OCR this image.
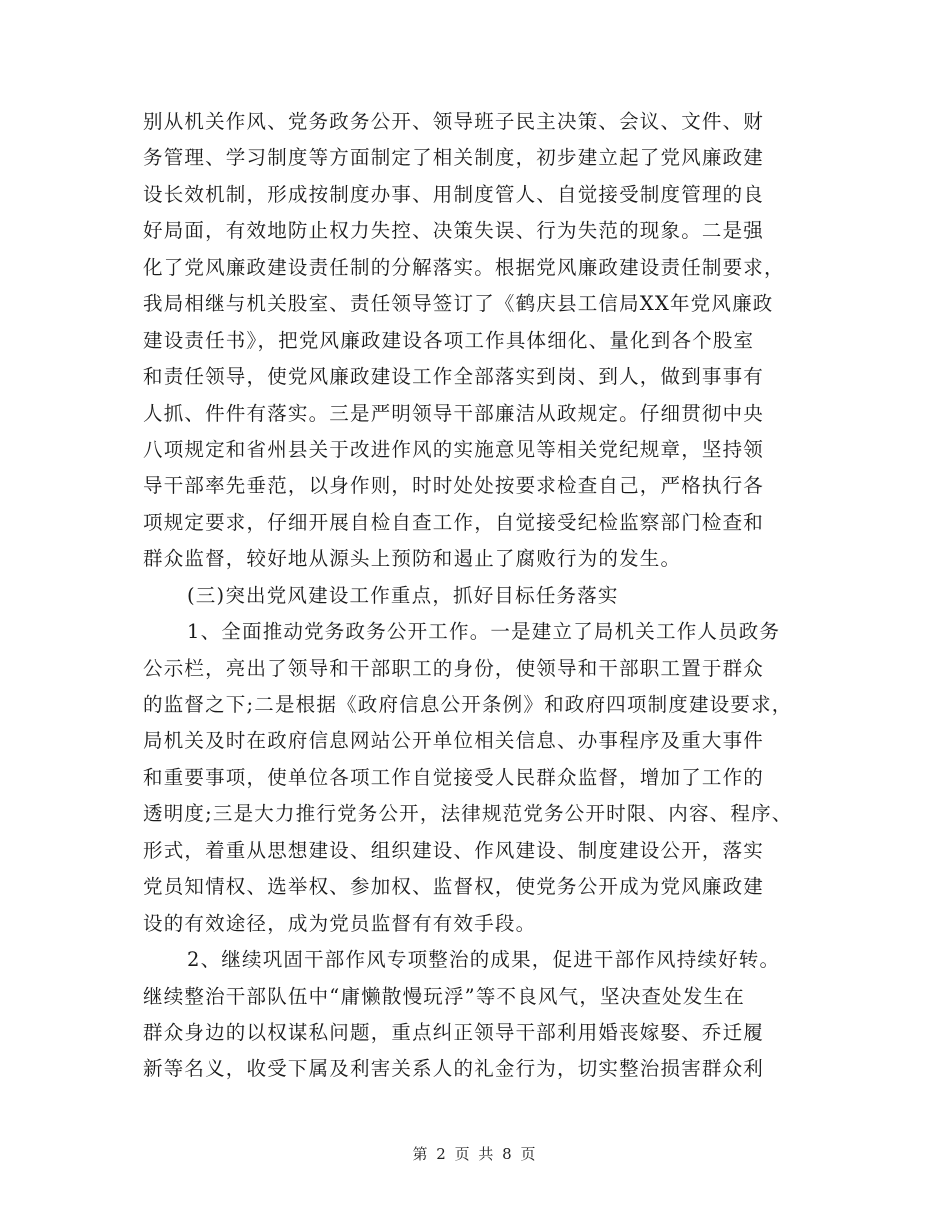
别从机关作风、党务政务公开、领导班子民主决策、会议、文件、财
务管理、学习制度等方面制定了相关制度，初步建立起了党风廉政建
设长效机制，形成按制度办事、用制度管人、自觉接受制度管理的良
好局面，有效地防止权力失控、决策失误、行为失范的现象。二是强
化了党风廉政建设责任制的分解落实。根据党风廉政建设责任制要求，
我局相继与机关股室、责任领导签订了《鹤庆县工信局XX年党风廉政
建设责任书》，把党风廉政建设各项工作具体细化、量化到各个股室
和责任领导，使党风廉政建设工作全部落实到岗、到人，做到事事有
人抓、件件有落实。三是严明领导干部廉洁从政规定。仔细贯彻中央
八项规定和省州县关于改进作风的实施意见等相关党纪规章，坚持领
导干部率先垂范，以身作则，时时处处按要求检查自己，严格执行各
项规定要求，仔细开展自检自查工作，自觉接受纪检监察部门检查和
群众监督，较好地从源头上预防和遏止了腐败行为的发生。
(三)突出党风建设工作重点，抓好目标任务落实
1、全面推动党务政务公开工作。一是建立了局机关工作人员政务
公示栏，亮出了领导和干部职工的身份，使领导和干部职工置于群众
的监督之下;二是根据《政府信息公开条例》和政府四项制度建设要求，
局机关及时在政府信息网站公开单位相关信息、办事程序及重大事件
和重要事项，使单位各项工作自觉接受人民群众监督，增加了工作的
透明度;三是大力推行党务公开，法律规范党务公开时限、内容、程序、
形式，着重从思想建设、组织建设、作风建设、制度建设公开，落实
党员知情权、选举权、参加权、监督权，使党务公开成为党风廉政建
设的有效途径，成为党员监督有有效手段。
2、继续巩固干部作风专项整治的成果，促进干部作风持续好转。
继续整治干部队伍中“庸懒散慢玩浮”等不良风气，坚决查处发生在
群众身边的以权谋私问题，重点纠正领导干部利用婚丧嫁娶、乔迁履
新等名义，收受下属及利害关系人的礼金行为，切实整治损害群众利
第 2 页 共 8 页
